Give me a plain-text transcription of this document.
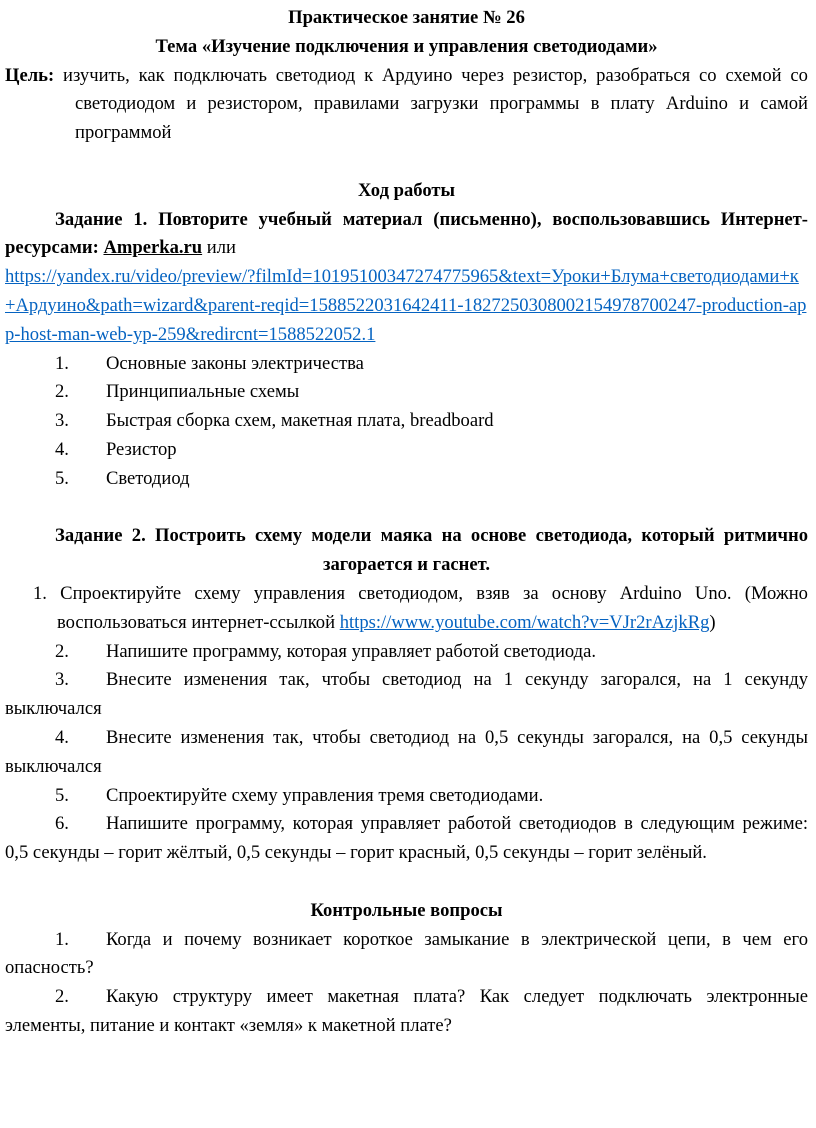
Практическое занятие № 26

Тема «Изучение подключения и управления светодиодами»

Цель: изучить, как подключать светодиод к Ардуино через резистор, разобраться со схемой со светодиодом и резистором, правилами загрузки программы в плату Arduino и самой программой

Ход работы

Задание 1. Повторите учебный материал (письменно), воспользовавшись Интернет-ресурсами: Amperka.ru или

https://yandex.ru/video/preview/?filmId=10195100347274775965&text=Уроки+Блума+светодиодами+к+Ардуино&path=wizard&parent-reqid=1588522031642411-1827250308002154978700247-production-app-host-man-web-yp-259&redircnt=1588522052.1

1. Основные законы электричества

2. Принципиальные схемы

3. Быстрая сборка схем, макетная плата, breadboard

4. Резистор

5. Светодиод

Задание 2. Построить схему модели маяка на основе светодиода, который ритмично загорается и гаснет.

1. Спроектируйте схему управления светодиодом, взяв за основу Arduino Uno. (Можно воспользоваться интернет-ссылкой https://www.youtube.com/watch?v=VJr2rAzjkRg)

2. Напишите программу, которая управляет работой светодиода.

3. Внесите изменения так, чтобы светодиод на 1 секунду загорался, на 1 секунду выключался

4. Внесите изменения так, чтобы светодиод на 0,5 секунды загорался, на 0,5 секунды выключался

5. Спроектируйте схему управления тремя светодиодами.

6. Напишите программу, которая управляет работой светодиодов в следующим режиме: 0,5 секунды – горит жёлтый, 0,5 секунды – горит красный, 0,5 секунды – горит зелёный.

Контрольные вопросы

1. Когда и почему возникает короткое замыкание в электрической цепи, в чем его опасность?

2. Какую структуру имеет макетная плата? Как следует подключать электронные элементы, питание и контакт «земля» к макетной плате?
